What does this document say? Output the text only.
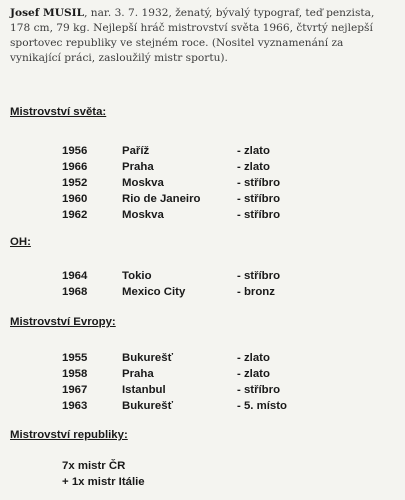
Josef MUSIL, nar. 3. 7. 1932, ženatý, bývalý typograf, teď penzista, 178 cm, 79 kg. Nejlepší hráč mistrovství světa 1966, čtvrtý nejlepší sportovec republiky ve stejném roce. (Nositel vyznamenání za vynikající práci, zasloužilý mistr sportu).

Mistrovství světa:
1956	Paříž	- zlato
1966	Praha	- zlato
1952	Moskva	- stříbro
1960	Rio de Janeiro	- stříbro
1962	Moskva	- stříbro
OH:
1964	Tokio	- stříbro
1968	Mexico City	- bronz
Mistrovství Evropy:
1955	Bukurešť	- zlato
1958	Praha	- zlato
1967	Istanbul	- stříbro
1963	Bukurešť	- 5. místo
Mistrovství republiky:

7x mistr ČR

+ 1x mistr Itálie
